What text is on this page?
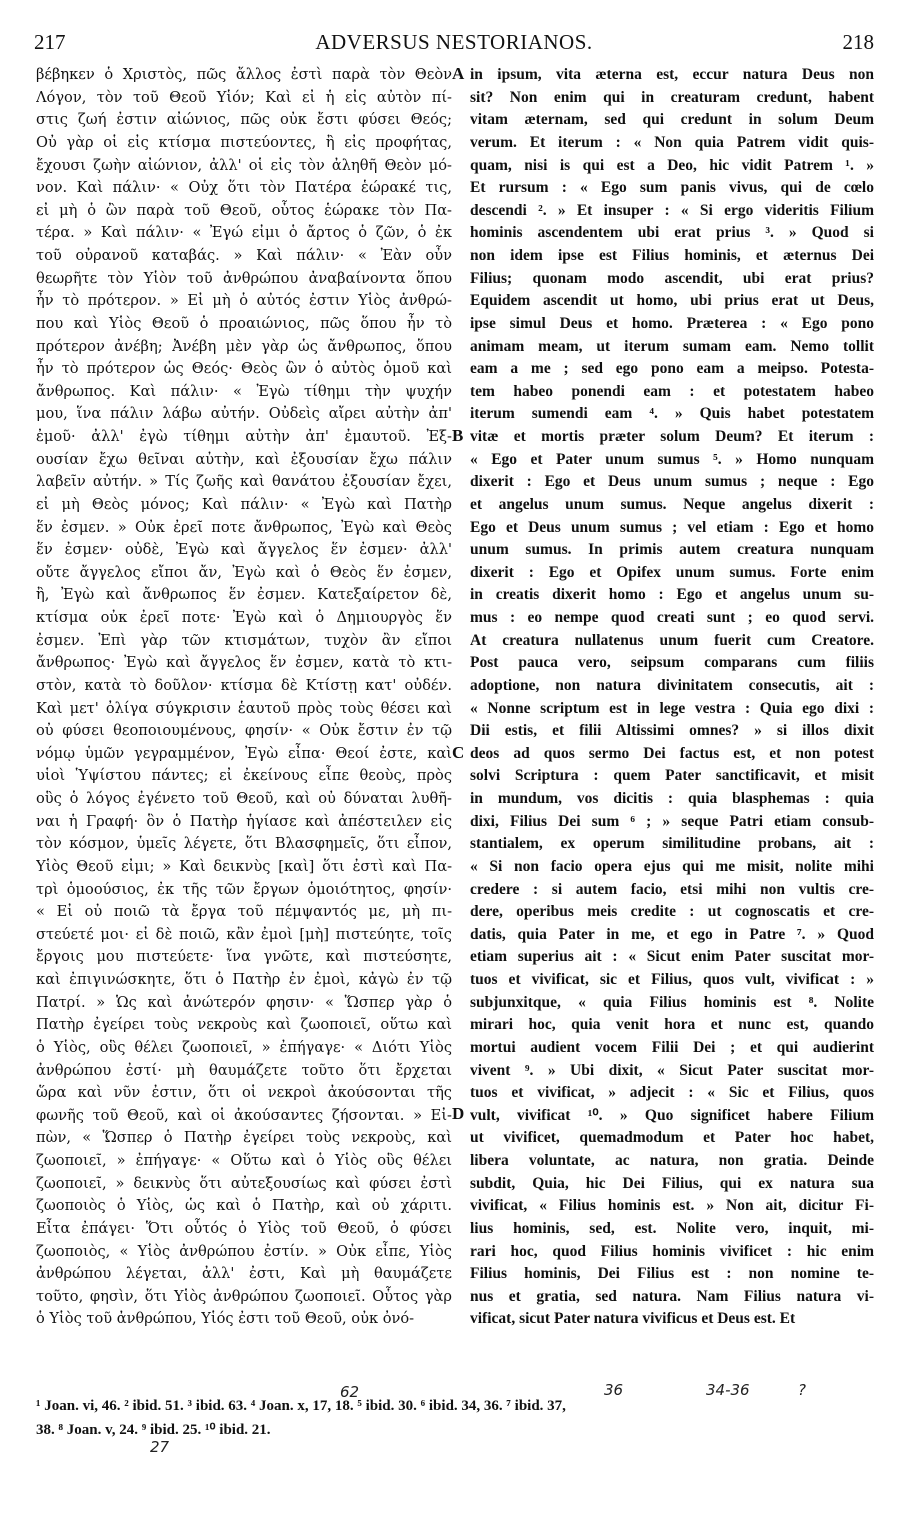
217	ADVERSUS NESTORIANOS.	218
βέβηκεν ὁ Χριστὸς, πῶς ἄλλος ἐστὶ παρὰ τὸν Θεὸν
Λόγον, τὸν τοῦ Θεοῦ Υἱόν; Καὶ εἰ ἡ εἰς αὐτὸν πί-
στις ζωή ἐστιν αἰώνιος, πῶς οὐκ ἔστι φύσει Θεός;
Οὐ γὰρ οἱ εἰς κτίσμα πιστεύοντες, ἢ εἰς προφήτας,
ἔχουσι ζωὴν αἰώνιον, ἀλλ' οἱ εἰς τὸν ἀληθῆ Θεὸν μό-
νον. Καὶ πάλιν· « Οὐχ ὅτι τὸν Πατέρα ἑώρακέ τις,
εἰ μὴ ὁ ὢν παρὰ τοῦ Θεοῦ, οὗτος ἑώρακε τὸν Πα-
τέρα. » Καὶ πάλιν· « Ἐγώ εἰμι ὁ ἄρτος ὁ ζῶν, ὁ ἐκ
τοῦ οὐρανοῦ καταβάς. » Καὶ πάλιν· « Ἐὰν οὖν
θεωρῆτε τὸν Υἱὸν τοῦ ἀνθρώπου ἀναβαίνοντα ὅπου
ἦν τὸ πρότερον. » Εἰ μὴ ὁ αὐτός ἐστιν Υἱὸς ἀνθρώ-
που καὶ Υἱὸς Θεοῦ ὁ προαιώνιος, πῶς ὅπου ἦν τὸ
πρότερον ἀνέβη; Ἀνέβη μὲν γὰρ ὡς ἄνθρωπος, ὅπου
ἦν τὸ πρότερον ὡς Θεός· Θεὸς ὢν ὁ αὐτὸς ὁμοῦ καὶ
ἄνθρωπος. Καὶ πάλιν· « Ἐγὼ τίθημι τὴν ψυχήν
μου, ἵνα πάλιν λάβω αὐτήν. Οὐδεὶς αἴρει αὐτὴν ἀπ'
ἐμοῦ· ἀλλ' ἐγὼ τίθημι αὐτὴν ἀπ' ἐμαυτοῦ. Ἐξ-
ουσίαν ἔχω θεῖναι αὐτὴν, καὶ ἐξουσίαν ἔχω πάλιν
λαβεῖν αὐτήν. » Τίς ζωῆς καὶ θανάτου ἐξουσίαν ἔχει,
εἰ μὴ Θεὸς μόνος; Καὶ πάλιν· « Ἐγὼ καὶ Πατὴρ
ἕν ἐσμεν. » Οὐκ ἐρεῖ ποτε ἄνθρωπος, Ἐγὼ καὶ Θεὸς
ἕν ἐσμεν· οὐδὲ, Ἐγὼ καὶ ἄγγελος ἕν ἐσμεν· ἀλλ'
οὔτε ἄγγελος εἴποι ἄν, Ἐγὼ καὶ ὁ Θεὸς ἕν ἐσμεν,
ἢ, Ἐγὼ καὶ ἄνθρωπος ἕν ἐσμεν. Κατεξαίρετον δὲ,
κτίσμα οὐκ ἐρεῖ ποτε· Ἐγὼ καὶ ὁ Δημιουργὸς ἕν
ἐσμεν. Ἐπὶ γὰρ τῶν κτισμάτων, τυχὸν ἂν εἴποι
ἄνθρωπος· Ἐγὼ καὶ ἄγγελος ἕν ἐσμεν, κατὰ τὸ κτι-
στὸν, κατὰ τὸ δοῦλον· κτίσμα δὲ Κτίστῃ κατ' οὐδέν.
Καὶ μετ' ὀλίγα σύγκρισιν ἑαυτοῦ πρὸς τοὺς θέσει καὶ
οὐ φύσει θεοποιουμένους, φησίν· « Οὐκ ἔστιν ἐν τῷ
νόμῳ ὑμῶν γεγραμμένον, Ἐγὼ εἶπα· Θεοί ἐστε, καὶ
υἱοὶ Ὑψίστου πάντες; εἰ ἐκείνους εἶπε θεοὺς, πρὸς
οὓς ὁ λόγος ἐγένετο τοῦ Θεοῦ, καὶ οὐ δύναται λυθῆ-
ναι ἡ Γραφή· ὃν ὁ Πατὴρ ἡγίασε καὶ ἀπέστειλεν εἰς
τὸν κόσμον, ὑμεῖς λέγετε, ὅτι Βλασφημεῖς, ὅτι εἶπον,
Υἱὸς Θεοῦ εἰμι; » Καὶ δεικνὺς [καὶ] ὅτι ἐστὶ καὶ Πα-
τρὶ ὁμοούσιος, ἐκ τῆς τῶν ἔργων ὁμοιότητος, φησίν·
« Εἰ οὐ ποιῶ τὰ ἔργα τοῦ πέμψαντός με, μὴ πι-
στεύετέ μοι· εἰ δὲ ποιῶ, κἂν ἐμοὶ [μὴ] πιστεύητε, τοῖς
ἔργοις μου πιστεύετε· ἵνα γνῶτε, καὶ πιστεύσητε,
καὶ ἐπιγινώσκητε, ὅτι ὁ Πατὴρ ἐν ἐμοὶ, κἀγὼ ἐν τῷ
Πατρί. » Ὡς καὶ ἀνώτερόν φησιν· « Ὥσπερ γὰρ ὁ
Πατὴρ ἐγείρει τοὺς νεκροὺς καὶ ζωοποιεῖ, οὕτω καὶ
ὁ Υἱὸς, οὓς θέλει ζωοποιεῖ, » ἐπήγαγε· « Διότι Υἱὸς
ἀνθρώπου ἐστί· μὴ θαυμάζετε τοῦτο ὅτι ἔρχεται
ὥρα καὶ νῦν ἐστιν, ὅτι οἱ νεκροὶ ἀκούσονται τῆς
φωνῆς τοῦ Θεοῦ, καὶ οἱ ἀκούσαντες ζήσονται. » Εἰ-
πὼν, « Ὥσπερ ὁ Πατὴρ ἐγείρει τοὺς νεκροὺς, καὶ
ζωοποιεῖ, » ἐπήγαγε· « Οὕτω καὶ ὁ Υἱὸς οὓς θέλει
ζωοποιεῖ, » δεικνὺς ὅτι αὐτεξουσίως καὶ φύσει ἐστὶ
ζωοποιὸς ὁ Υἱὸς, ὡς καὶ ὁ Πατὴρ, καὶ οὐ χάριτι.
Εἶτα ἐπάγει· Ὅτι οὗτός ὁ Υἱὸς τοῦ Θεοῦ, ὁ φύσει
ζωοποιὸς, « Υἱὸς ἀνθρώπου ἐστίν. » Οὐκ εἶπε, Υἱὸς
ἀνθρώπου λέγεται, ἀλλ' ἐστι, Καὶ μὴ θαυμάζετε
τοῦτο, φησὶν, ὅτι Υἱὸς ἀνθρώπου ζωοποιεῖ. Οὗτος γὰρ
ὁ Υἱὸς τοῦ ἀνθρώπου, Υἱός ἐστι τοῦ Θεοῦ, οὐκ ὀνό-
in ipsum, vita æterna est, eccur natura Deus non
sit? Non enim qui in creaturam credunt, habent
vitam æternam, sed qui credunt in solum Deum
verum. Et iterum : « Non quia Patrem vidit quis-
quam, nisi is qui est a Deo, hic vidit Patrem ¹. »
Et rursum : « Ego sum panis vivus, qui de cœlo
descendi ². » Et insuper : « Si ergo videritis Filium
hominis ascendentem ubi erat prius ³. » Quod si
non idem ipse est Filius hominis, et æternus Dei
Filius; quonam modo ascendit, ubi erat prius?
Equidem ascendit ut homo, ubi prius erat ut Deus,
ipse simul Deus et homo. Præterea : « Ego pono
animam meam, ut iterum sumam eam. Nemo tollit
eam a me ; sed ego pono eam a meipso. Potesta-
tem habeo ponendi eam : et potestatem habeo
iterum sumendi eam ⁴. » Quis habet potestatem
vitæ et mortis præter solum Deum? Et iterum :
« Ego et Pater unum sumus ⁵. » Homo nunquam
dixerit : Ego et Deus unum sumus ; neque : Ego
et angelus unum sumus. Neque angelus dixerit :
Ego et Deus unum sumus ; vel etiam : Ego et homo
unum sumus. In primis autem creatura nunquam
dixerit : Ego et Opifex unum sumus. Forte enim
in creatis dixerit homo : Ego et angelus unum su-
mus : eo nempe quod creati sunt ; eo quod servi.
At creatura nullatenus unum fuerit cum Creatore.
Post pauca vero, seipsum comparans cum filiis
adoptione, non natura divinitatem consecutis, ait :
« Nonne scriptum est in lege vestra : Quia ego dixi :
Dii estis, et filii Altissimi omnes? » si illos dixit
deos ad quos sermo Dei factus est, et non potest
solvi Scriptura : quem Pater sanctificavit, et misit
in mundum, vos dicitis : quia blasphemas : quia
dixi, Filius Dei sum ⁶ ; » seque Patri etiam consub-
stantialem, ex operum similitudine probans, ait :
« Si non facio opera ejus qui me misit, nolite mihi
credere : si autem facio, etsi mihi non vultis cre-
dere, operibus meis credite : ut cognoscatis et cre-
datis, quia Pater in me, et ego in Patre ⁷. » Quod
etiam superius ait : « Sicut enim Pater suscitat mor-
tuos et vivificat, sic et Filius, quos vult, vivificat : »
subjunxitque, « quia Filius hominis est ⁸. Nolite
mirari hoc, quia venit hora et nunc est, quando
mortui audient vocem Filii Dei ; et qui audierint
vivent ⁹. » Ubi dixit, « Sicut Pater suscitat mor-
tuos et vivificat, » adjecit : « Sic et Filius, quos
vult, vivificat ¹⁰. » Quo significet habere Filium
ut vivificet, quemadmodum et Pater hoc habet,
libera voluntate, ac natura, non gratia. Deinde
subdit, Quia, hic Dei Filius, qui ex natura sua
vivificat, « Filius hominis est. » Non ait, dicitur Fi-
lius hominis, sed, est. Nolite vero, inquit, mi-
rari hoc, quod Filius hominis vivificet : hic enim
Filius hominis, Dei Filius est : non nomine te-
nus et gratia, sed natura. Nam Filius natura vi-
vificat, sicut Pater natura vivificus et Deus est. Et
A
B
C
D
62	36	34-36	?
27
¹ Joan. vi, 46. ² ibid. 51. ³ ibid. 63. ⁴ Joan. x, 17, 18. ⁵ ibid. 30. ⁶ ibid. 34, 36. ⁷ ibid. 37,
38. ⁸ Joan. v, 24. ⁹ ibid. 25. ¹⁰ ibid. 21.
